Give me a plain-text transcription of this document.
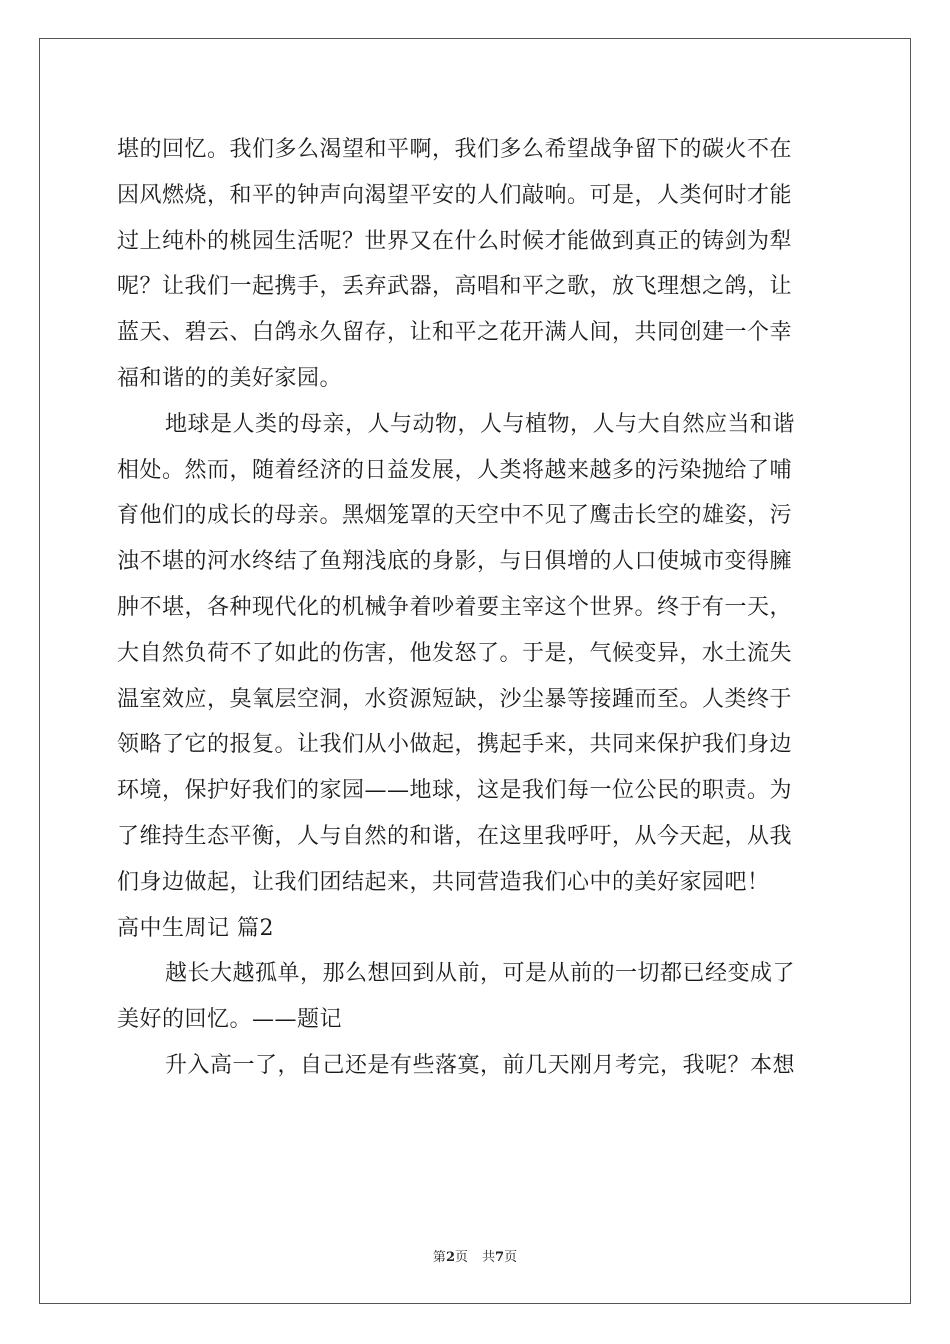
堪的回忆。我们多么渴望和平啊，我们多么希望战争留下的碳火不在
因风燃烧，和平的钟声向渴望平安的人们敲响。可是，人类何时才能
过上纯朴的桃园生活呢？世界又在什么时候才能做到真正的铸剑为犁
呢？让我们一起携手，丢弃武器，高唱和平之歌，放飞理想之鸽，让
蓝天、碧云、白鸽永久留存，让和平之花开满人间，共同创建一个幸
福和谐的的美好家园。
地球是人类的母亲，人与动物，人与植物，人与大自然应当和谐
相处。然而，随着经济的日益发展，人类将越来越多的污染抛给了哺
育他们的成长的母亲。黑烟笼罩的天空中不见了鹰击长空的雄姿，污
浊不堪的河水终结了鱼翔浅底的身影，与日俱增的人口使城市变得臃
肿不堪，各种现代化的机械争着吵着要主宰这个世界。终于有一天，
大自然负荷不了如此的伤害，他发怒了。于是，气候变异，水土流失
温室效应，臭氧层空洞，水资源短缺，沙尘暴等接踵而至。人类终于
领略了它的报复。让我们从小做起，携起手来，共同来保护我们身边
环境，保护好我们的家园——地球，这是我们每一位公民的职责。为
了维持生态平衡，人与自然的和谐，在这里我呼吁，从今天起，从我
们身边做起，让我们团结起来，共同营造我们心中的美好家园吧！
高中生周记 篇2
越长大越孤单，那么想回到从前，可是从前的一切都已经变成了
美好的回忆。——题记
升入高一了，自己还是有些落寞，前几天刚月考完，我呢？本想
第2页 共7页
